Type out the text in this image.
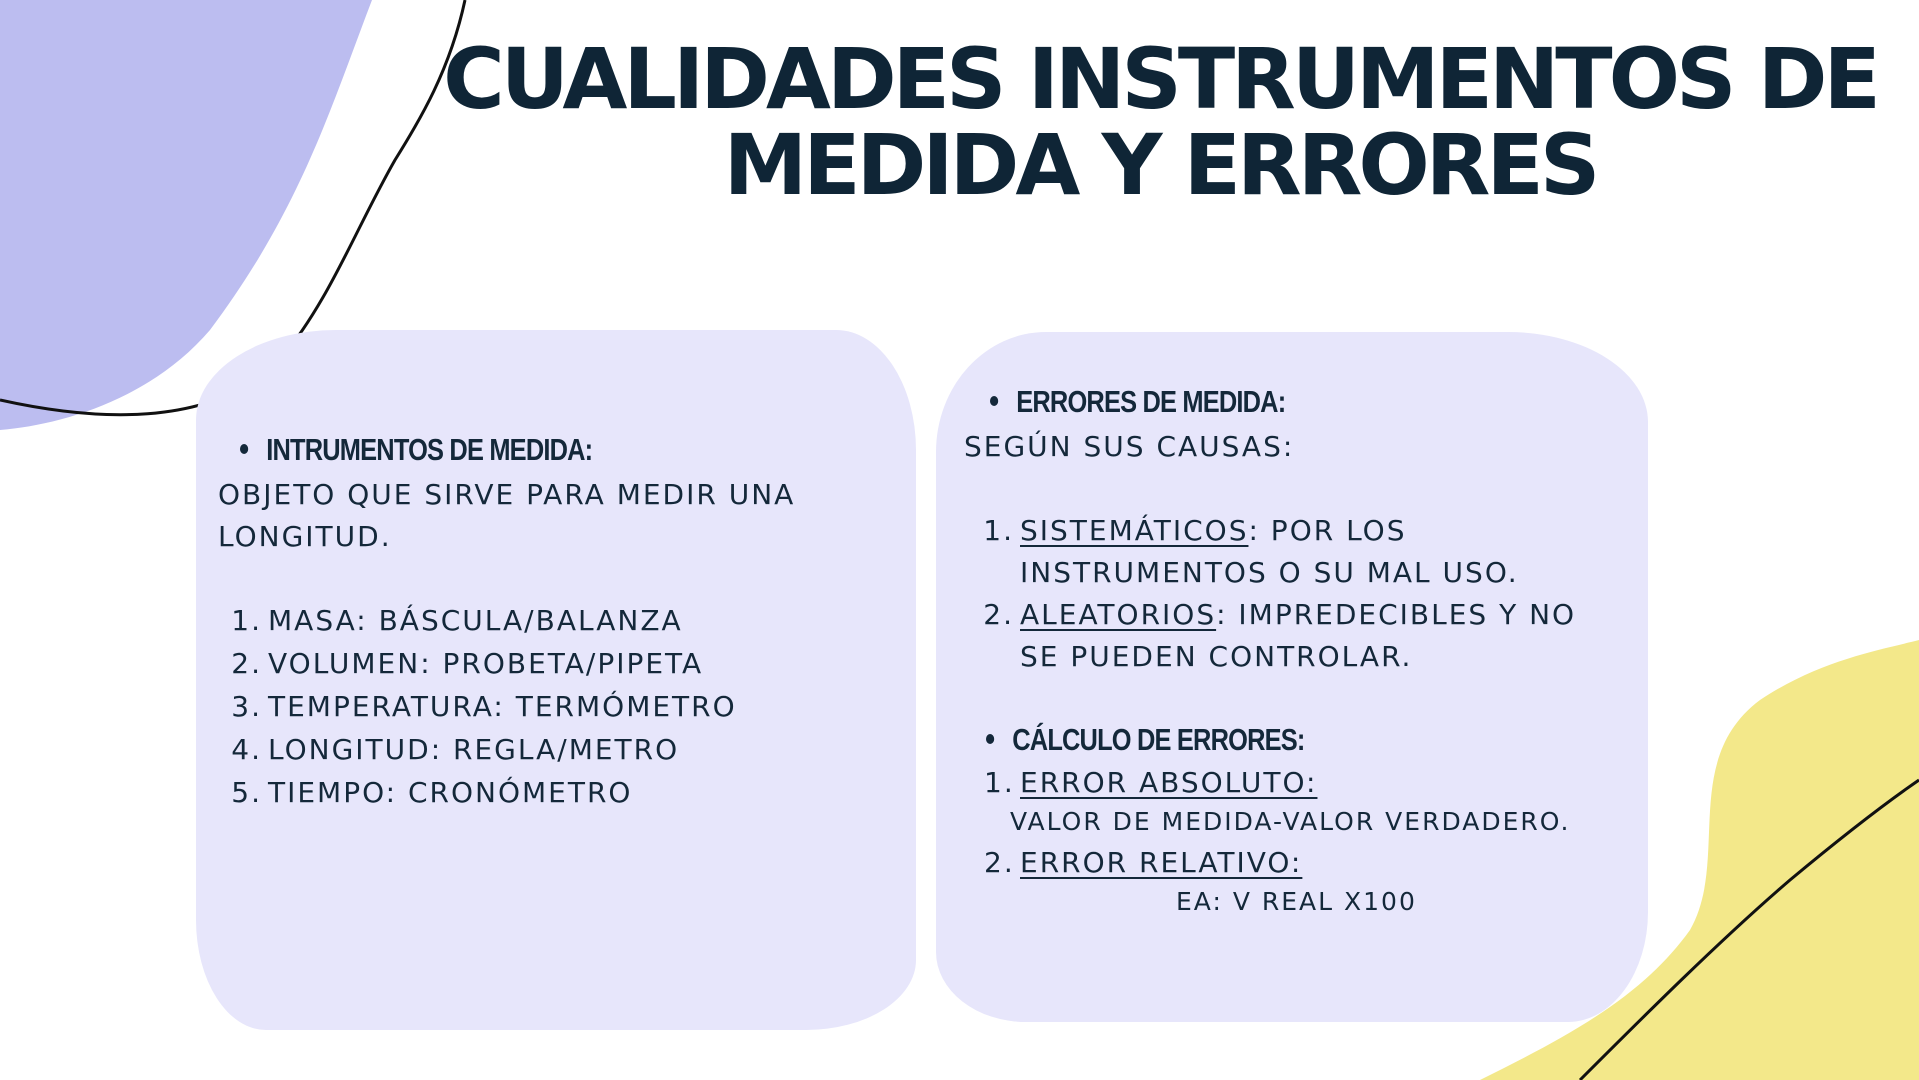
CUALIDADES INSTRUMENTOS DE
MEDIDA Y ERRORES
INTRUMENTOS DE MEDIDA:
OBJETO QUE SIRVE PARA MEDIR UNA
LONGITUD.
1. MASA: BÁSCULA/BALANZA
2. VOLUMEN: PROBETA/PIPETA
3. TEMPERATURA: TERMÓMETRO
4. LONGITUD: REGLA/METRO
5. TIEMPO: CRONÓMETRO
ERRORES DE MEDIDA:
SEGÚN SUS CAUSAS:
1. SISTEMÁTICOS: POR LOS
INSTRUMENTOS O SU MAL USO.
2. ALEATORIOS: IMPREDECIBLES Y NO
SE PUEDEN CONTROLAR.
CÁLCULO DE ERRORES:
1. ERROR ABSOLUTO:
VALOR DE MEDIDA-VALOR VERDADERO.
2. ERROR RELATIVO:
EA: V REAL X100
